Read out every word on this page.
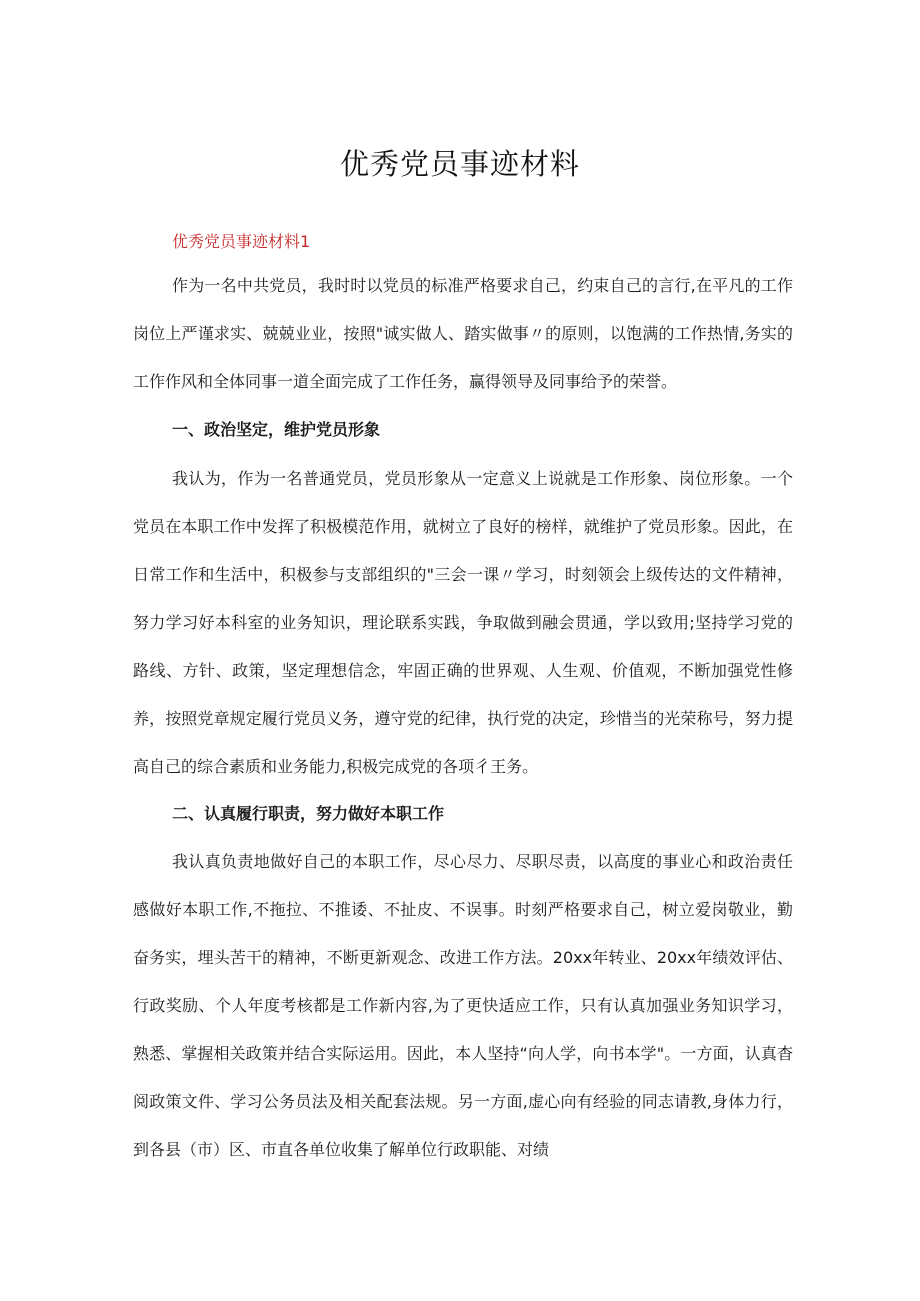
优秀党员事迹材料

优秀党员事迹材料1

作为一名中共党员，我时时以党员的标准严格要求自己，约束自己的言行,在平凡的工作岗位上严谨求实、兢兢业业，按照"诚实做人、踏实做事〃的原则，以饱满的工作热情,务实的工作作风和全体同事一道全面完成了工作任务，赢得领导及同事给予的荣誉。

一、政治坚定，维护党员形象

我认为，作为一名普通党员，党员形象从一定意义上说就是工作形象、岗位形象。一个党员在本职工作中发挥了积极模范作用，就树立了良好的榜样，就维护了党员形象。因此，在日常工作和生活中，积极参与支部组织的"三会一课〃学习，时刻领会上级传达的文件精神，努力学习好本科室的业务知识，理论联系实践，争取做到融会贯通，学以致用;坚持学习党的路线、方针、政策，坚定理想信念，牢固正确的世界观、人生观、价值观，不断加强党性修养，按照党章规定履行党员义务，遵守党的纪律，执行党的决定，珍惜当的光荣称号，努力提高自己的综合素质和业务能力,积极完成党的各项彳王务。

二、认真履行职责，努力做好本职工作

我认真负责地做好自己的本职工作，尽心尽力、尽职尽责，以高度的事业心和政治责任感做好本职工作,不拖拉、不推诿、不扯皮、不误事。时刻严格要求自己，树立爱岗敬业，勤奋务实，埋头苦干的精神，不断更新观念、改进工作方法。20xx年转业、20xx年绩效评估、行政奖励、个人年度考核都是工作新内容,为了更快适应工作，只有认真加强业务知识学习，熟悉、掌握相关政策并结合实际运用。因此，本人坚持“向人学，向书本学"。一方面，认真杳阅政策文件、学习公务员法及相关配套法规。另一方面,虚心向有经验的同志请教,身体力行，到各县（市）区、市直各单位收集了解单位行政职能、对绩
